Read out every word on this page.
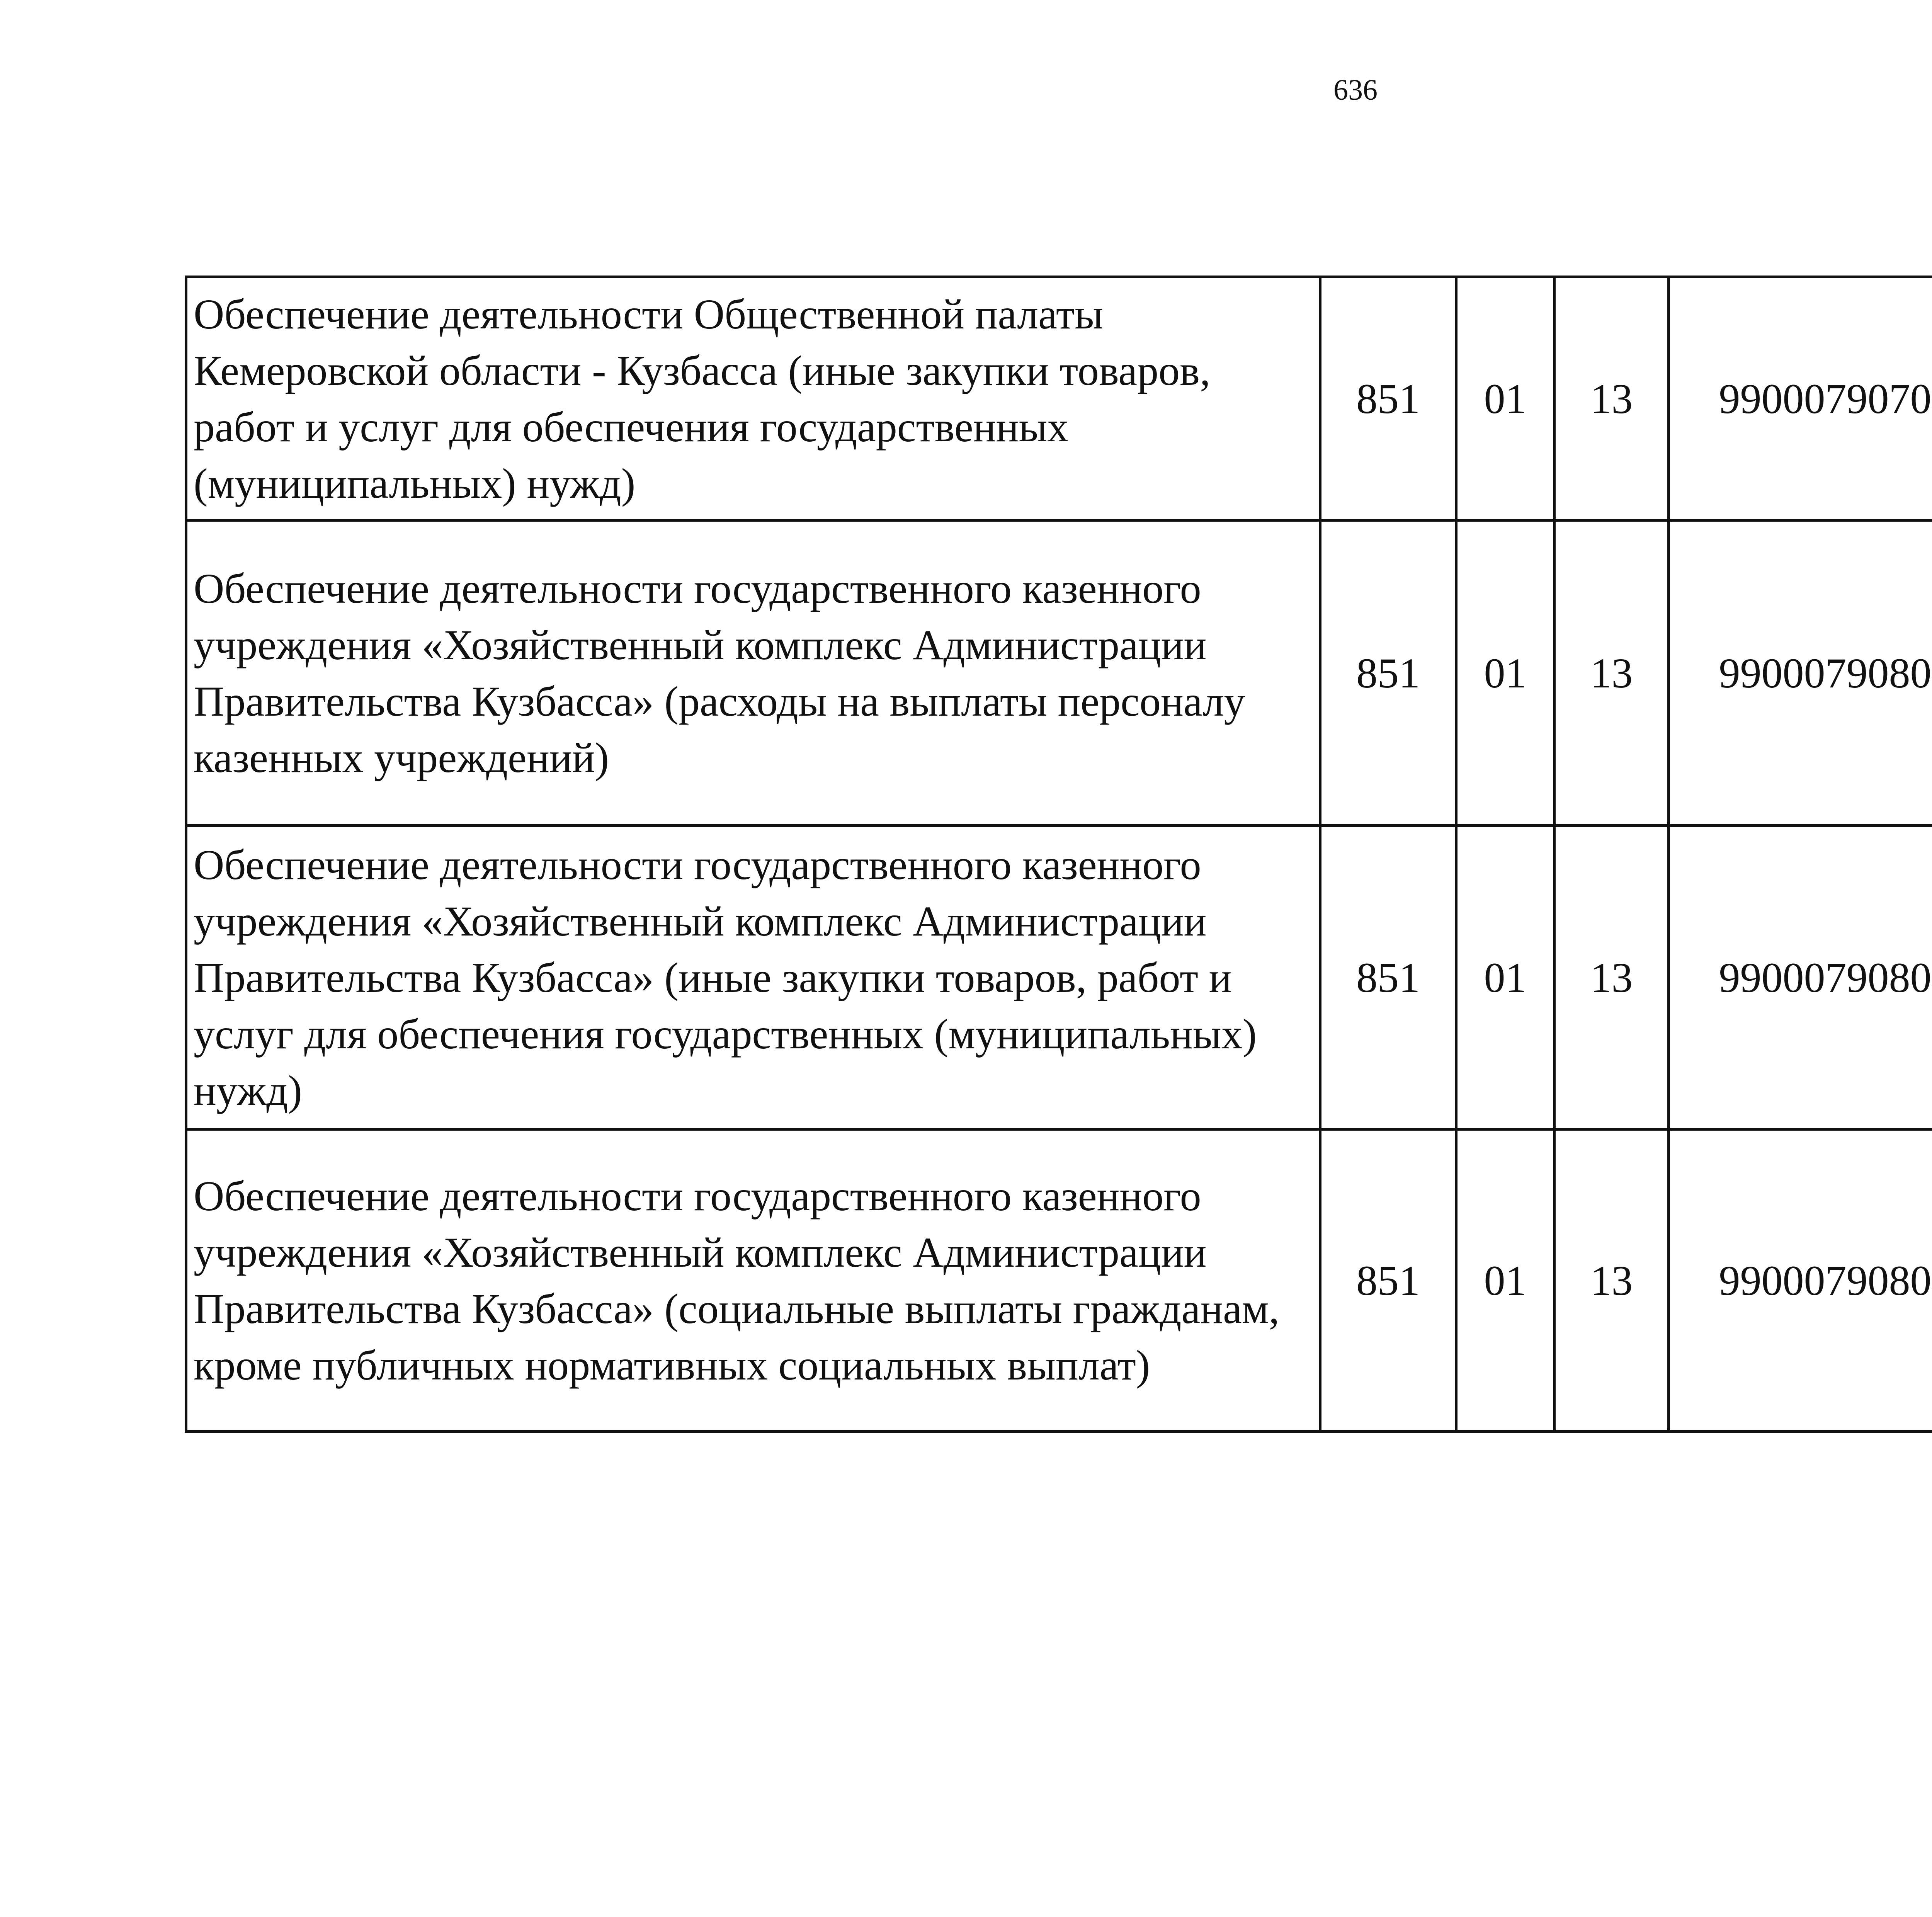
636
Обеспечение деятельности Общественной палаты Кемеровской области - Кузбасса (иные закупки товаров, работ и услуг для обеспечения государственных (муниципальных) нужд)	851	01	13	9900079070		
Обеспечение деятельности государственного казенного учреждения «Хозяйственный комплекс Администрации Правительства Кузбасса» (расходы на выплаты персоналу казенных учреждений)	851	01	13	9900079080		
Обеспечение деятельности государственного казенного учреждения «Хозяйственный комплекс Администрации Правительства Кузбасса» (иные закупки товаров, работ и услуг для обеспечения государственных (муниципальных) нужд)	851	01	13	9900079080		
Обеспечение деятельности государственного казенного учреждения «Хозяйственный комплекс Администрации Правительства Кузбасса» (социальные выплаты гражданам, кроме публичных нормативных социальных выплат)	851	01	13	9900079080		
